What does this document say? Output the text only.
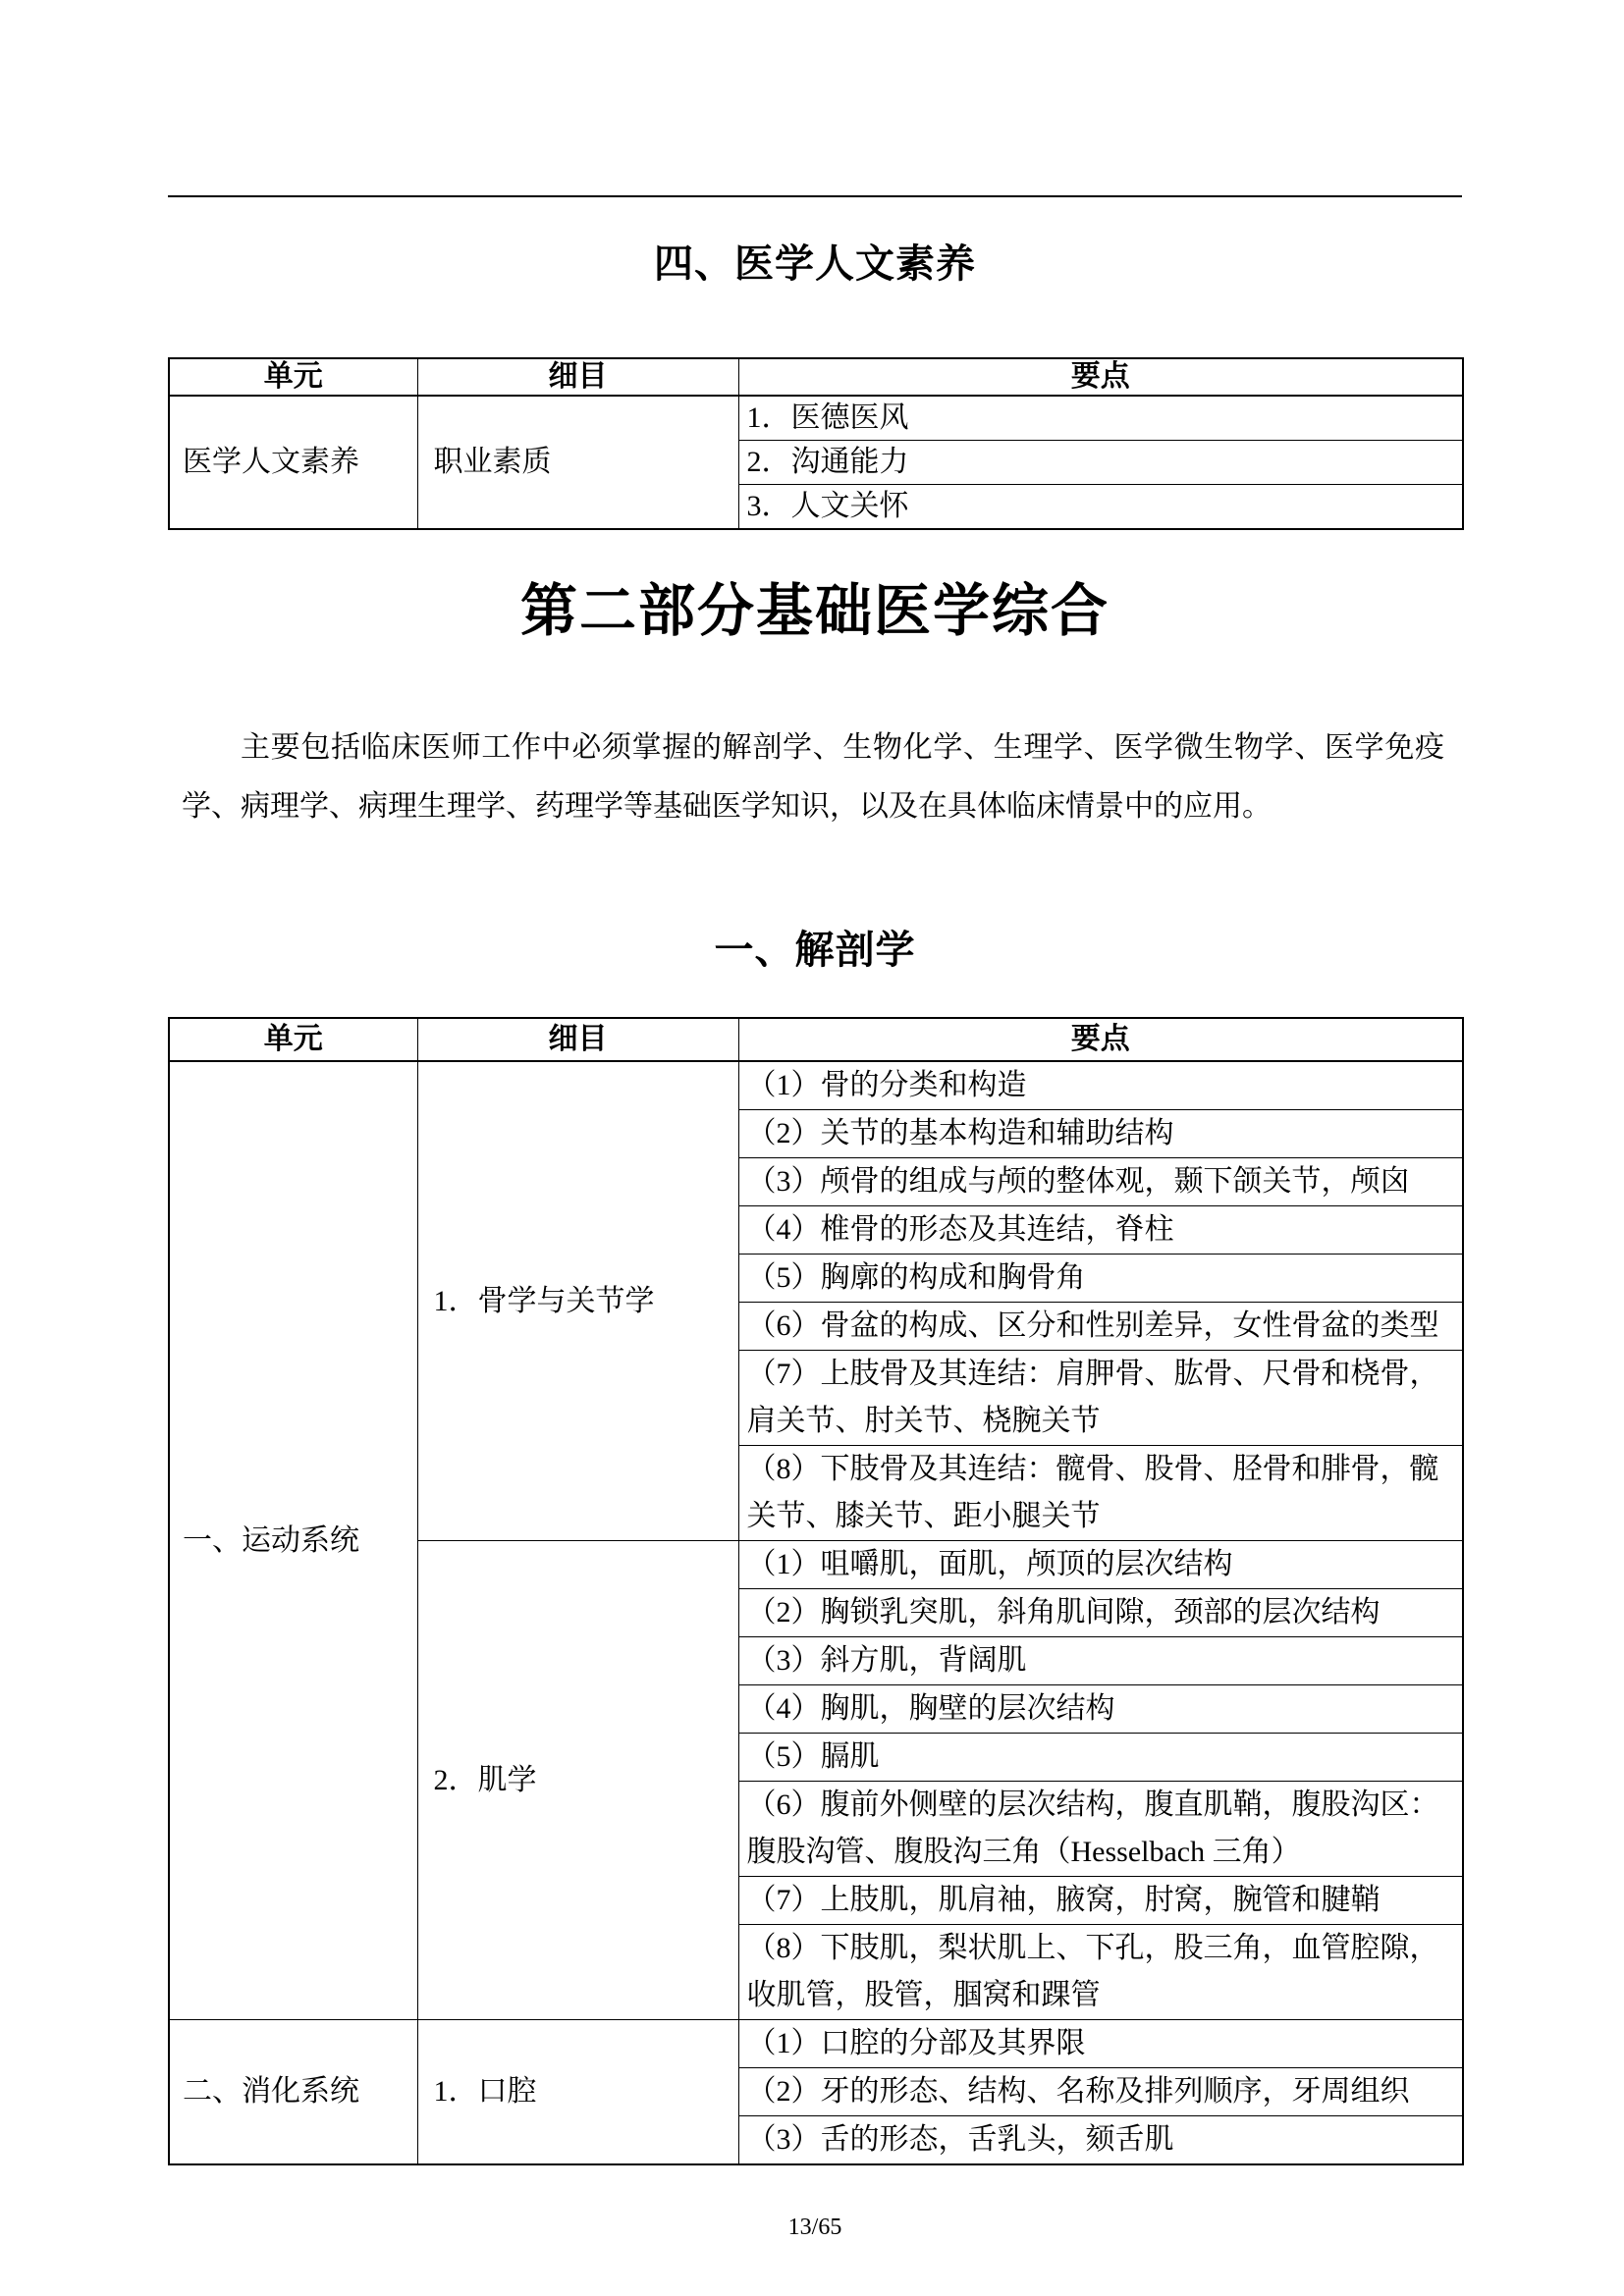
四、医学人文素养
单元	细目	要点
医学人文素养	职业素质	1．医德医风
		2．沟通能力
		3．人文关怀
第二部分基础医学综合

主要包括临床医师工作中必须掌握的解剖学、生物化学、生理学、医学微生物学、医学免疫学、病理学、病理生理学、药理学等基础医学知识，以及在具体临床情景中的应用。

一、解剖学
单元	细目	要点
一、运动系统	1．骨学与关节学	（1）骨的分类和构造
		（2）关节的基本构造和辅助结构
		（3）颅骨的组成与颅的整体观，颞下颌关节，颅囟
		（4）椎骨的形态及其连结，脊柱
		（5）胸廓的构成和胸骨角
		（6）骨盆的构成、区分和性别差异，女性骨盆的类型
		（7）上肢骨及其连结：肩胛骨、肱骨、尺骨和桡骨，肩关节、肘关节、桡腕关节
		（8）下肢骨及其连结：髋骨、股骨、胫骨和腓骨，髋关节、膝关节、距小腿关节
	2．肌学	（1）咀嚼肌，面肌，颅顶的层次结构
		（2）胸锁乳突肌，斜角肌间隙，颈部的层次结构
		（3）斜方肌，背阔肌
		（4）胸肌，胸壁的层次结构
		（5）膈肌
		（6）腹前外侧壁的层次结构，腹直肌鞘，腹股沟区：腹股沟管、腹股沟三角（Hesselbach 三角）
		（7）上肢肌，肌肩袖，腋窝，肘窝，腕管和腱鞘
		（8）下肢肌，梨状肌上、下孔，股三角，血管腔隙，收肌管，股管，腘窝和踝管
二、消化系统	1．口腔	（1）口腔的分部及其界限
		（2）牙的形态、结构、名称及排列顺序，牙周组织
		（3）舌的形态，舌乳头，颏舌肌
13/65
